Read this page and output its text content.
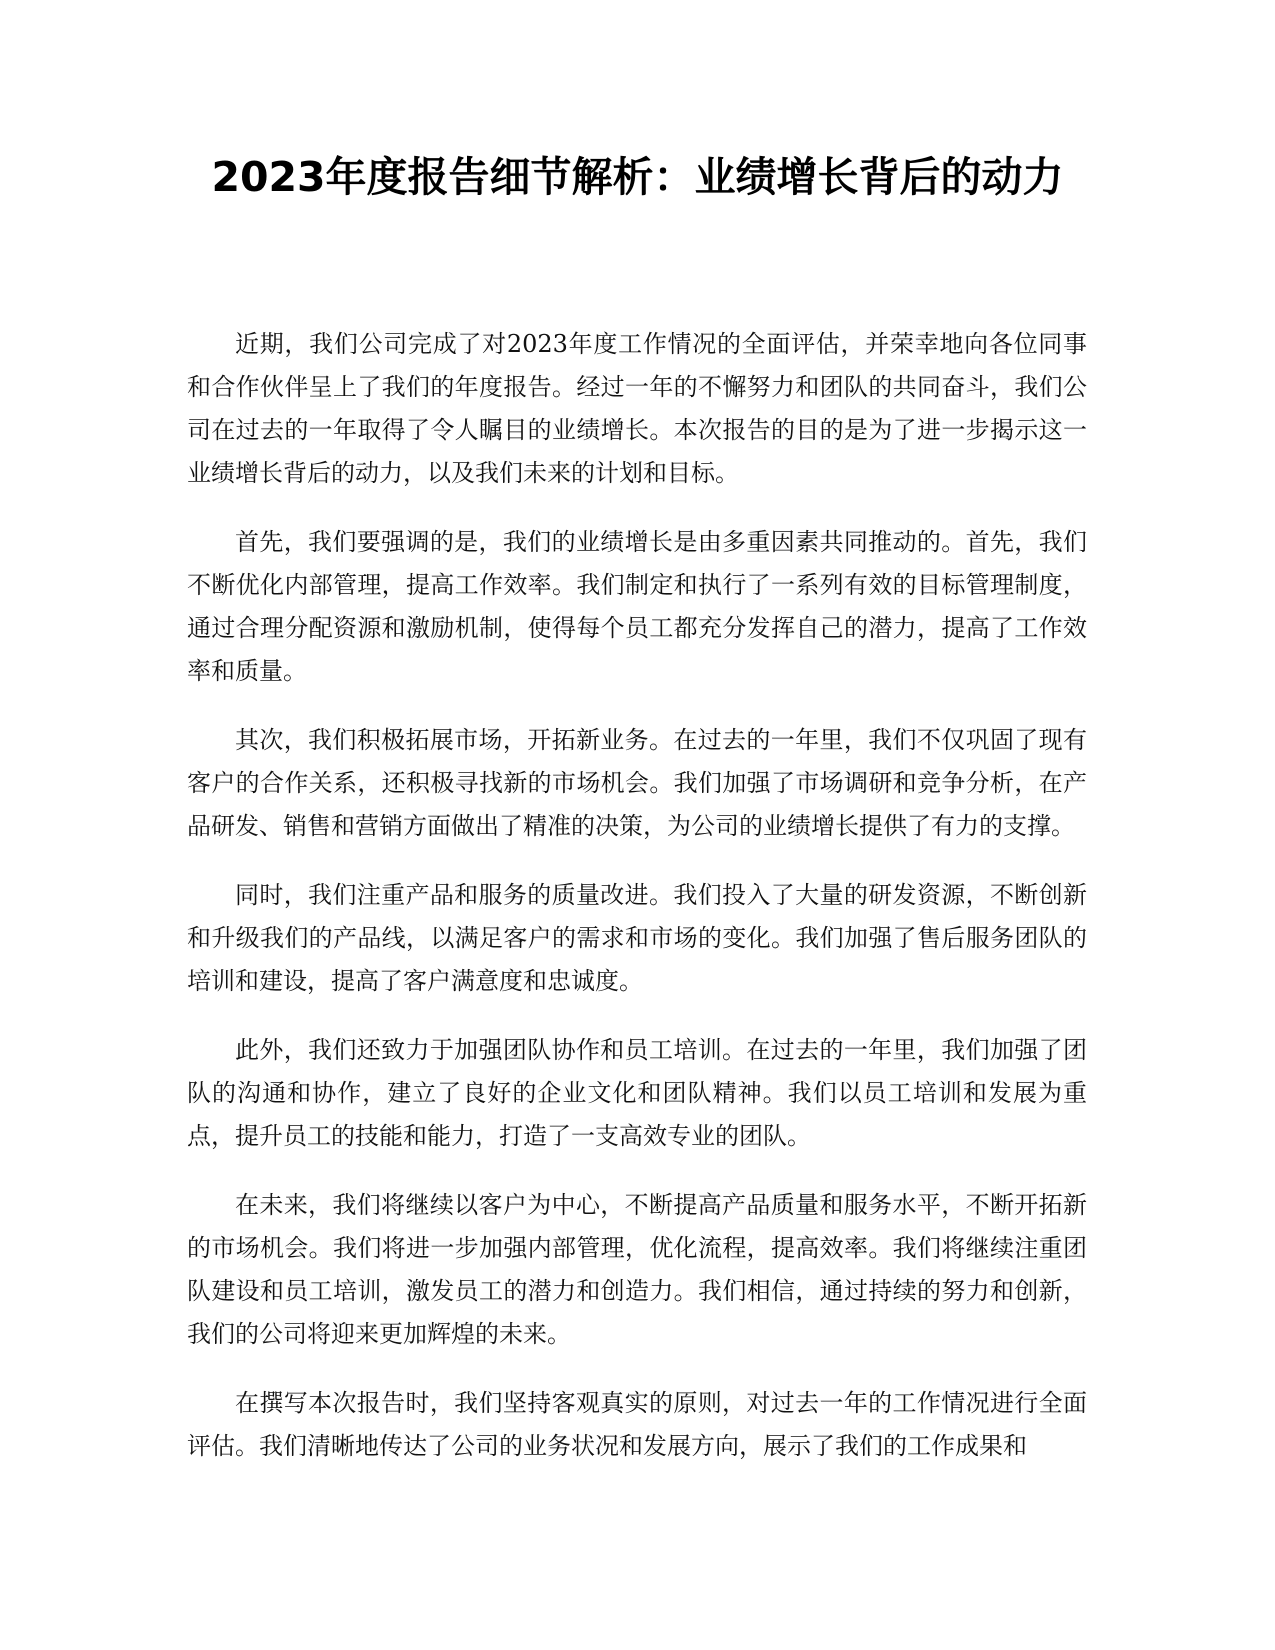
2023年度报告细节解析：业绩增长背后的动力

近期，我们公司完成了对2023年度工作情况的全面评估，并荣幸地向各位同事和合作伙伴呈上了我们的年度报告。经过一年的不懈努力和团队的共同奋斗，我们公司在过去的一年取得了令人瞩目的业绩增长。本次报告的目的是为了进一步揭示这一业绩增长背后的动力，以及我们未来的计划和目标。

首先，我们要强调的是，我们的业绩增长是由多重因素共同推动的。首先，我们不断优化内部管理，提高工作效率。我们制定和执行了一系列有效的目标管理制度，通过合理分配资源和激励机制，使得每个员工都充分发挥自己的潜力，提高了工作效率和质量。

其次，我们积极拓展市场，开拓新业务。在过去的一年里，我们不仅巩固了现有客户的合作关系，还积极寻找新的市场机会。我们加强了市场调研和竞争分析，在产品研发、销售和营销方面做出了精准的决策，为公司的业绩增长提供了有力的支撑。

同时，我们注重产品和服务的质量改进。我们投入了大量的研发资源，不断创新和升级我们的产品线，以满足客户的需求和市场的变化。我们加强了售后服务团队的培训和建设，提高了客户满意度和忠诚度。

此外，我们还致力于加强团队协作和员工培训。在过去的一年里，我们加强了团队的沟通和协作，建立了良好的企业文化和团队精神。我们以员工培训和发展为重点，提升员工的技能和能力，打造了一支高效专业的团队。

在未来，我们将继续以客户为中心，不断提高产品质量和服务水平，不断开拓新的市场机会。我们将进一步加强内部管理，优化流程，提高效率。我们将继续注重团队建设和员工培训，激发员工的潜力和创造力。我们相信，通过持续的努力和创新，我们的公司将迎来更加辉煌的未来。

在撰写本次报告时，我们坚持客观真实的原则，对过去一年的工作情况进行全面评估。我们清晰地传达了公司的业务状况和发展方向，展示了我们的工作成果和
